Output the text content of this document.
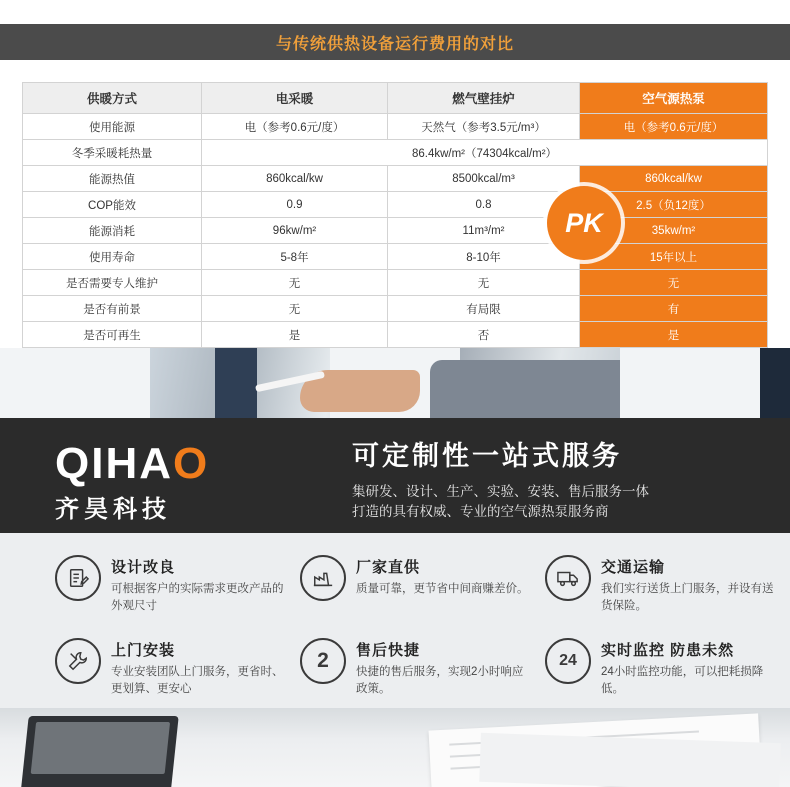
与传统供热设备运行费用的对比
供暖方式	电采暖	燃气壁挂炉	空气源热泵
使用能源	电（参考0.6元/度）	天然气（参考3.5元/m³）	电（参考0.6元/度）
冬季采暖耗热量	86.4kw/m²（74304kcal/m²）		
能源热值	860kcal/kw	8500kcal/m³	860kcal/kw
COP能效	0.9	0.8	2.5（负12度）
能源消耗	96kw/m²	11m³/m²	35kw/m²
使用寿命	5-8年	8-10年	15年以上
是否需要专人维护	无	无	无
是否有前景	无	有局限	有
是否可再生	是	否	是

PK
QIHAO
齐昊科技
可定制性一站式服务
集研发、设计、生产、实验、安装、售后服务一体
打造的具有权威、专业的空气源热泵服务商
设计改良
可根据客户的实际需求更改产品的外观尺寸
厂家直供
质量可靠，更节省中间商赚差价。
交通运输
我们实行送货上门服务，并设有送货保险。
上门安装
专业安装团队上门服务，更省时、更划算、更安心
2 售后快捷
快捷的售后服务，实现2小时响应政策。
24
实时监控 防患未然
24小时监控功能，可以把耗损降低。
